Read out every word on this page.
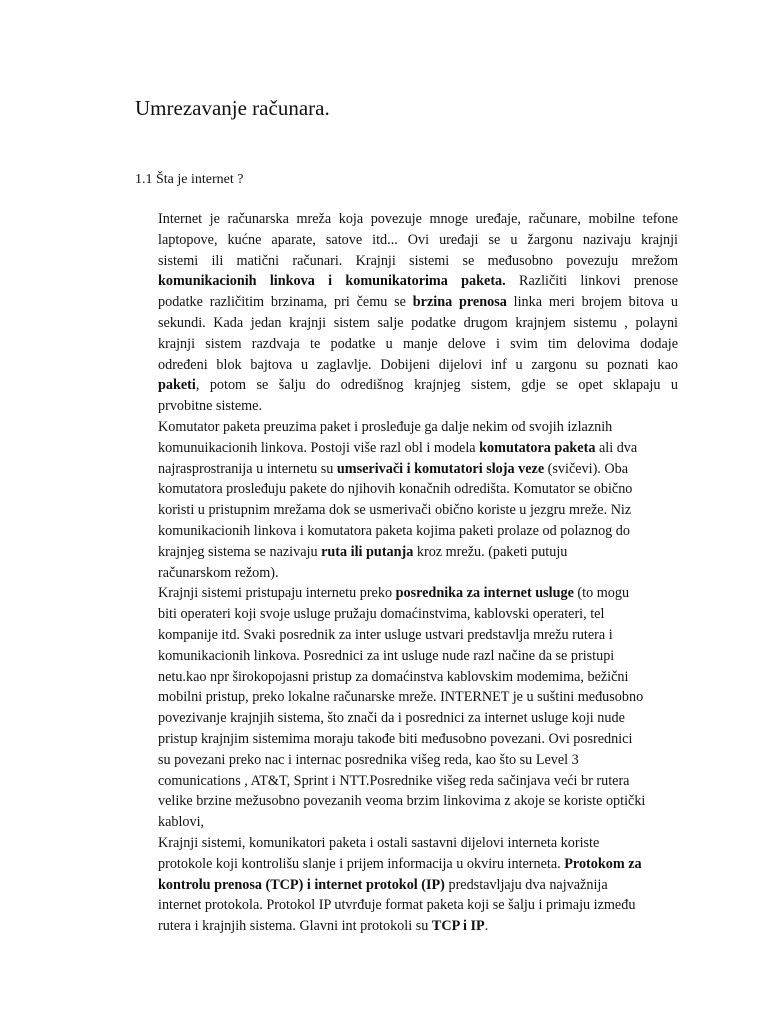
Umrezavanje računara.
1.1 Šta je internet ?
Internet je računarska mreža koja povezuje mnoge uređaje, računare, mobilne tefone
laptopove, kućne aparate, satove itd... Ovi uređaji se u žargonu nazivaju krajnji
sistemi ili matični računari. Krajnji sistemi se međusobno povezuju mrežom
komunikacionih linkova i komunikatorima paketa. Različiti linkovi prenose
podatke različitim brzinama, pri čemu se brzina prenosa linka meri brojem bitova u
sekundi. Kada jedan krajnji sistem salje podatke drugom krajnjem sistemu , polayni
krajnji sistem razdvaja te podatke u manje delove i svim tim delovima dodaje
određeni blok bajtova u zaglavlje. Dobijeni dijelovi inf u zargonu su poznati kao
paketi, potom se šalju do odredišnog krajnjeg sistem, gdje se opet sklapaju u
prvobitne sisteme.
Komutator paketa preuzima paket i prosleđuje ga dalje nekim od svojih izlaznih
komunuikacionih linkova. Postoji više razl obl i modela komutatora paketa ali dva
najrasprostranija u internetu su umserivači i komutatori sloja veze (svičevi). Oba
komutatora prosleđuju pakete do njihovih konačnih odredišta. Komutator se obično
koristi u pristupnim mrežama dok se usmerivači obično koriste u jezgru mreže. Niz
komunikacionih linkova i komutatora paketa kojima paketi prolaze od polaznog do
krajnjeg sistema se nazivaju ruta ili putanja kroz mrežu. (paketi putuju
računarskom režom).
Krajnji sistemi pristupaju internetu preko posrednika za internet usluge (to mogu
biti operateri koji svoje usluge pružaju domaćinstvima, kablovski operateri, tel
kompanije itd. Svaki posrednik za inter usluge ustvari predstavlja mrežu rutera i
komunikacionih linkova. Posrednici za int usluge nude razl načine da se pristupi
netu.kao npr širokopojasni pristup za domaćinstva kablovskim modemima, bežični
mobilni pristup, preko lokalne računarske mreže. INTERNET je u suštini međusobno
povezivanje krajnjih sistema, što znači da i posrednici za internet usluge koji nude
pristup krajnjim sistemima moraju takođe biti međusobno povezani. Ovi posrednici
su povezani preko nac i internac posrednika višeg reda, kao što su Level 3
comunications , AT&T, Sprint i NTT.Posrednike višeg reda sačinjava veći br rutera
velike brzine mežusobno povezanih veoma brzim linkovima z akoje se koriste optički
kablovi,
Krajnji sistemi, komunikatori paketa i ostali sastavni dijelovi interneta koriste
protokole koji kontrolišu slanje i prijem informacija u okviru interneta. Protokom za
kontrolu prenosa (TCP) i internet protokol (IP) predstavljaju dva najvažnija
internet protokola. Protokol IP utvrđuje format paketa koji se šalju i primaju između
rutera i krajnjih sistema. Glavni int protokoli su TCP i IP.
